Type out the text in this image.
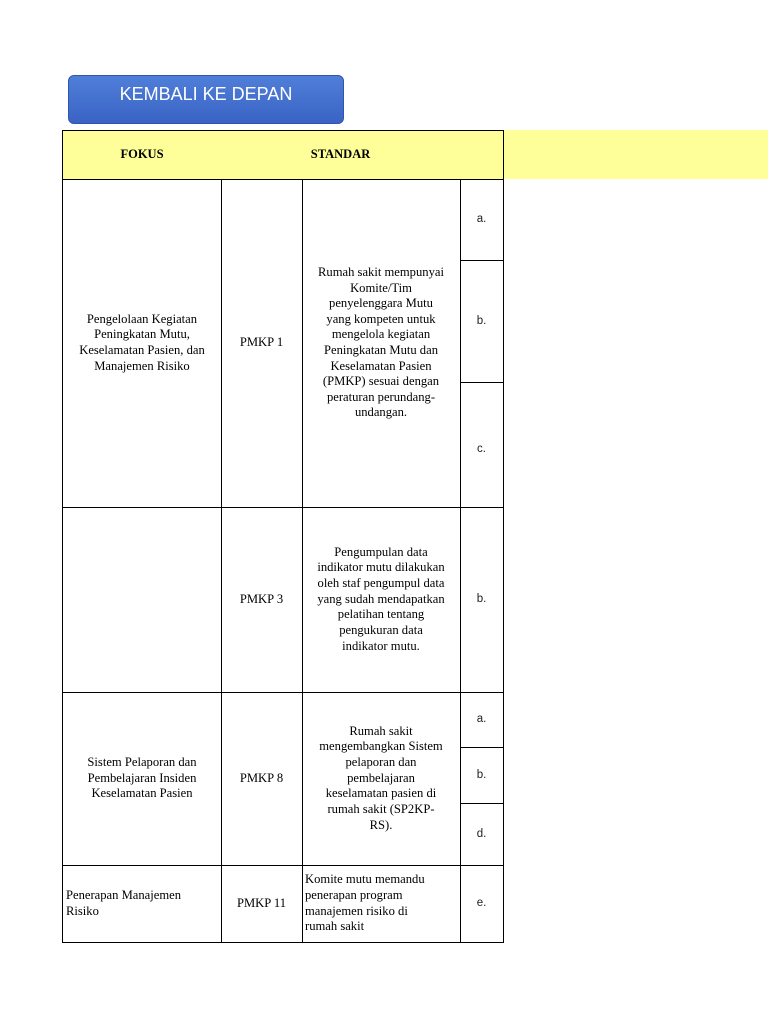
KEMBALI KE DEPAN
FOKUS	STANDAR
Pengelolaan Kegiatan
Peningkatan Mutu,
Keselamatan Pasien, dan
Manajemen Risiko
PMKP 1
Rumah sakit mempunyai
Komite/Tim
penyelenggara Mutu
yang kompeten untuk
mengelola kegiatan
Peningkatan Mutu dan
Keselamatan Pasien
(PMKP) sesuai dengan
peraturan perundang-
undangan.
a.
b.
c.
PMKP 3
Pengumpulan data
indikator mutu dilakukan
oleh staf pengumpul data
yang sudah mendapatkan
pelatihan tentang
pengukuran data
indikator mutu.
b.
Sistem Pelaporan dan
Pembelajaran Insiden
Keselamatan Pasien
PMKP 8
Rumah sakit
mengembangkan Sistem
pelaporan dan
pembelajaran
keselamatan pasien di
rumah sakit (SP2KP-
RS).
a.
b.
d.
Penerapan Manajemen
Risiko
PMKP 11
Komite mutu memandu
penerapan program
manajemen risiko di
rumah sakit
e.
